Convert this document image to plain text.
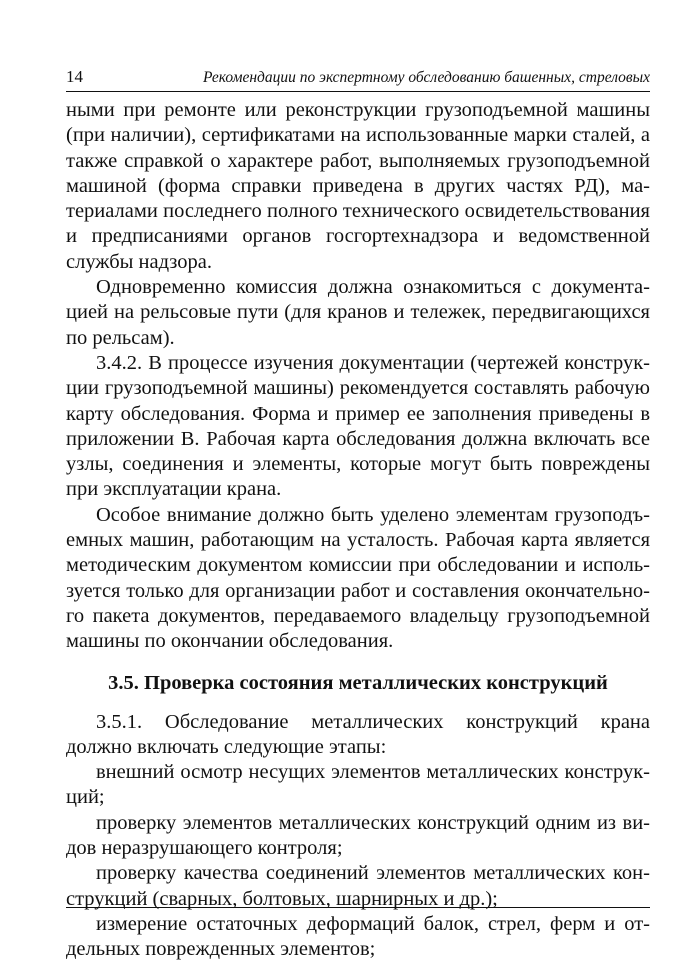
14	Рекомендации по экспертному обследованию башенных, стреловых

ными при ремонте или реконструкции грузоподъемной машины (при наличии), сертификатами на использованные марки сталей, а также справкой о характере работ, выполняемых грузоподъемной машиной (форма справки приведена в других частях РД), материалами последнего полного технического освидетельствования и предписаниями органов госгортехнадзора и ведомственной службы надзора.

Одновременно комиссия должна ознакомиться с документацией на рельсовые пути (для кранов и тележек, передвигающихся по рельсам).

3.4.2. В процессе изучения документации (чертежей конструкции грузоподъемной машины) рекомендуется составлять рабочую карту обследования. Форма и пример ее заполнения приведены в приложении В. Рабочая карта обследования должна включать все узлы, соединения и элементы, которые могут быть повреждены при эксплуатации крана.

Особое внимание должно быть уделено элементам грузоподъемных машин, работающим на усталость. Рабочая карта является методическим документом комиссии при обследовании и используется только для организации работ и составления окончательного пакета документов, передаваемого владельцу грузоподъемной машины по окончании обследования.

3.5. Проверка состояния металлических конструкций

3.5.1. Обследование металлических конструкций крана должно включать следующие этапы:

внешний осмотр несущих элементов металлических конструкций;

проверку элементов металлических конструкций одним из видов неразрушающего контроля;

проверку качества соединений элементов металлических конструкций (сварных, болтовых, шарнирных и др.);

измерение остаточных деформаций балок, стрел, ферм и отдельных поврежденных элементов;
